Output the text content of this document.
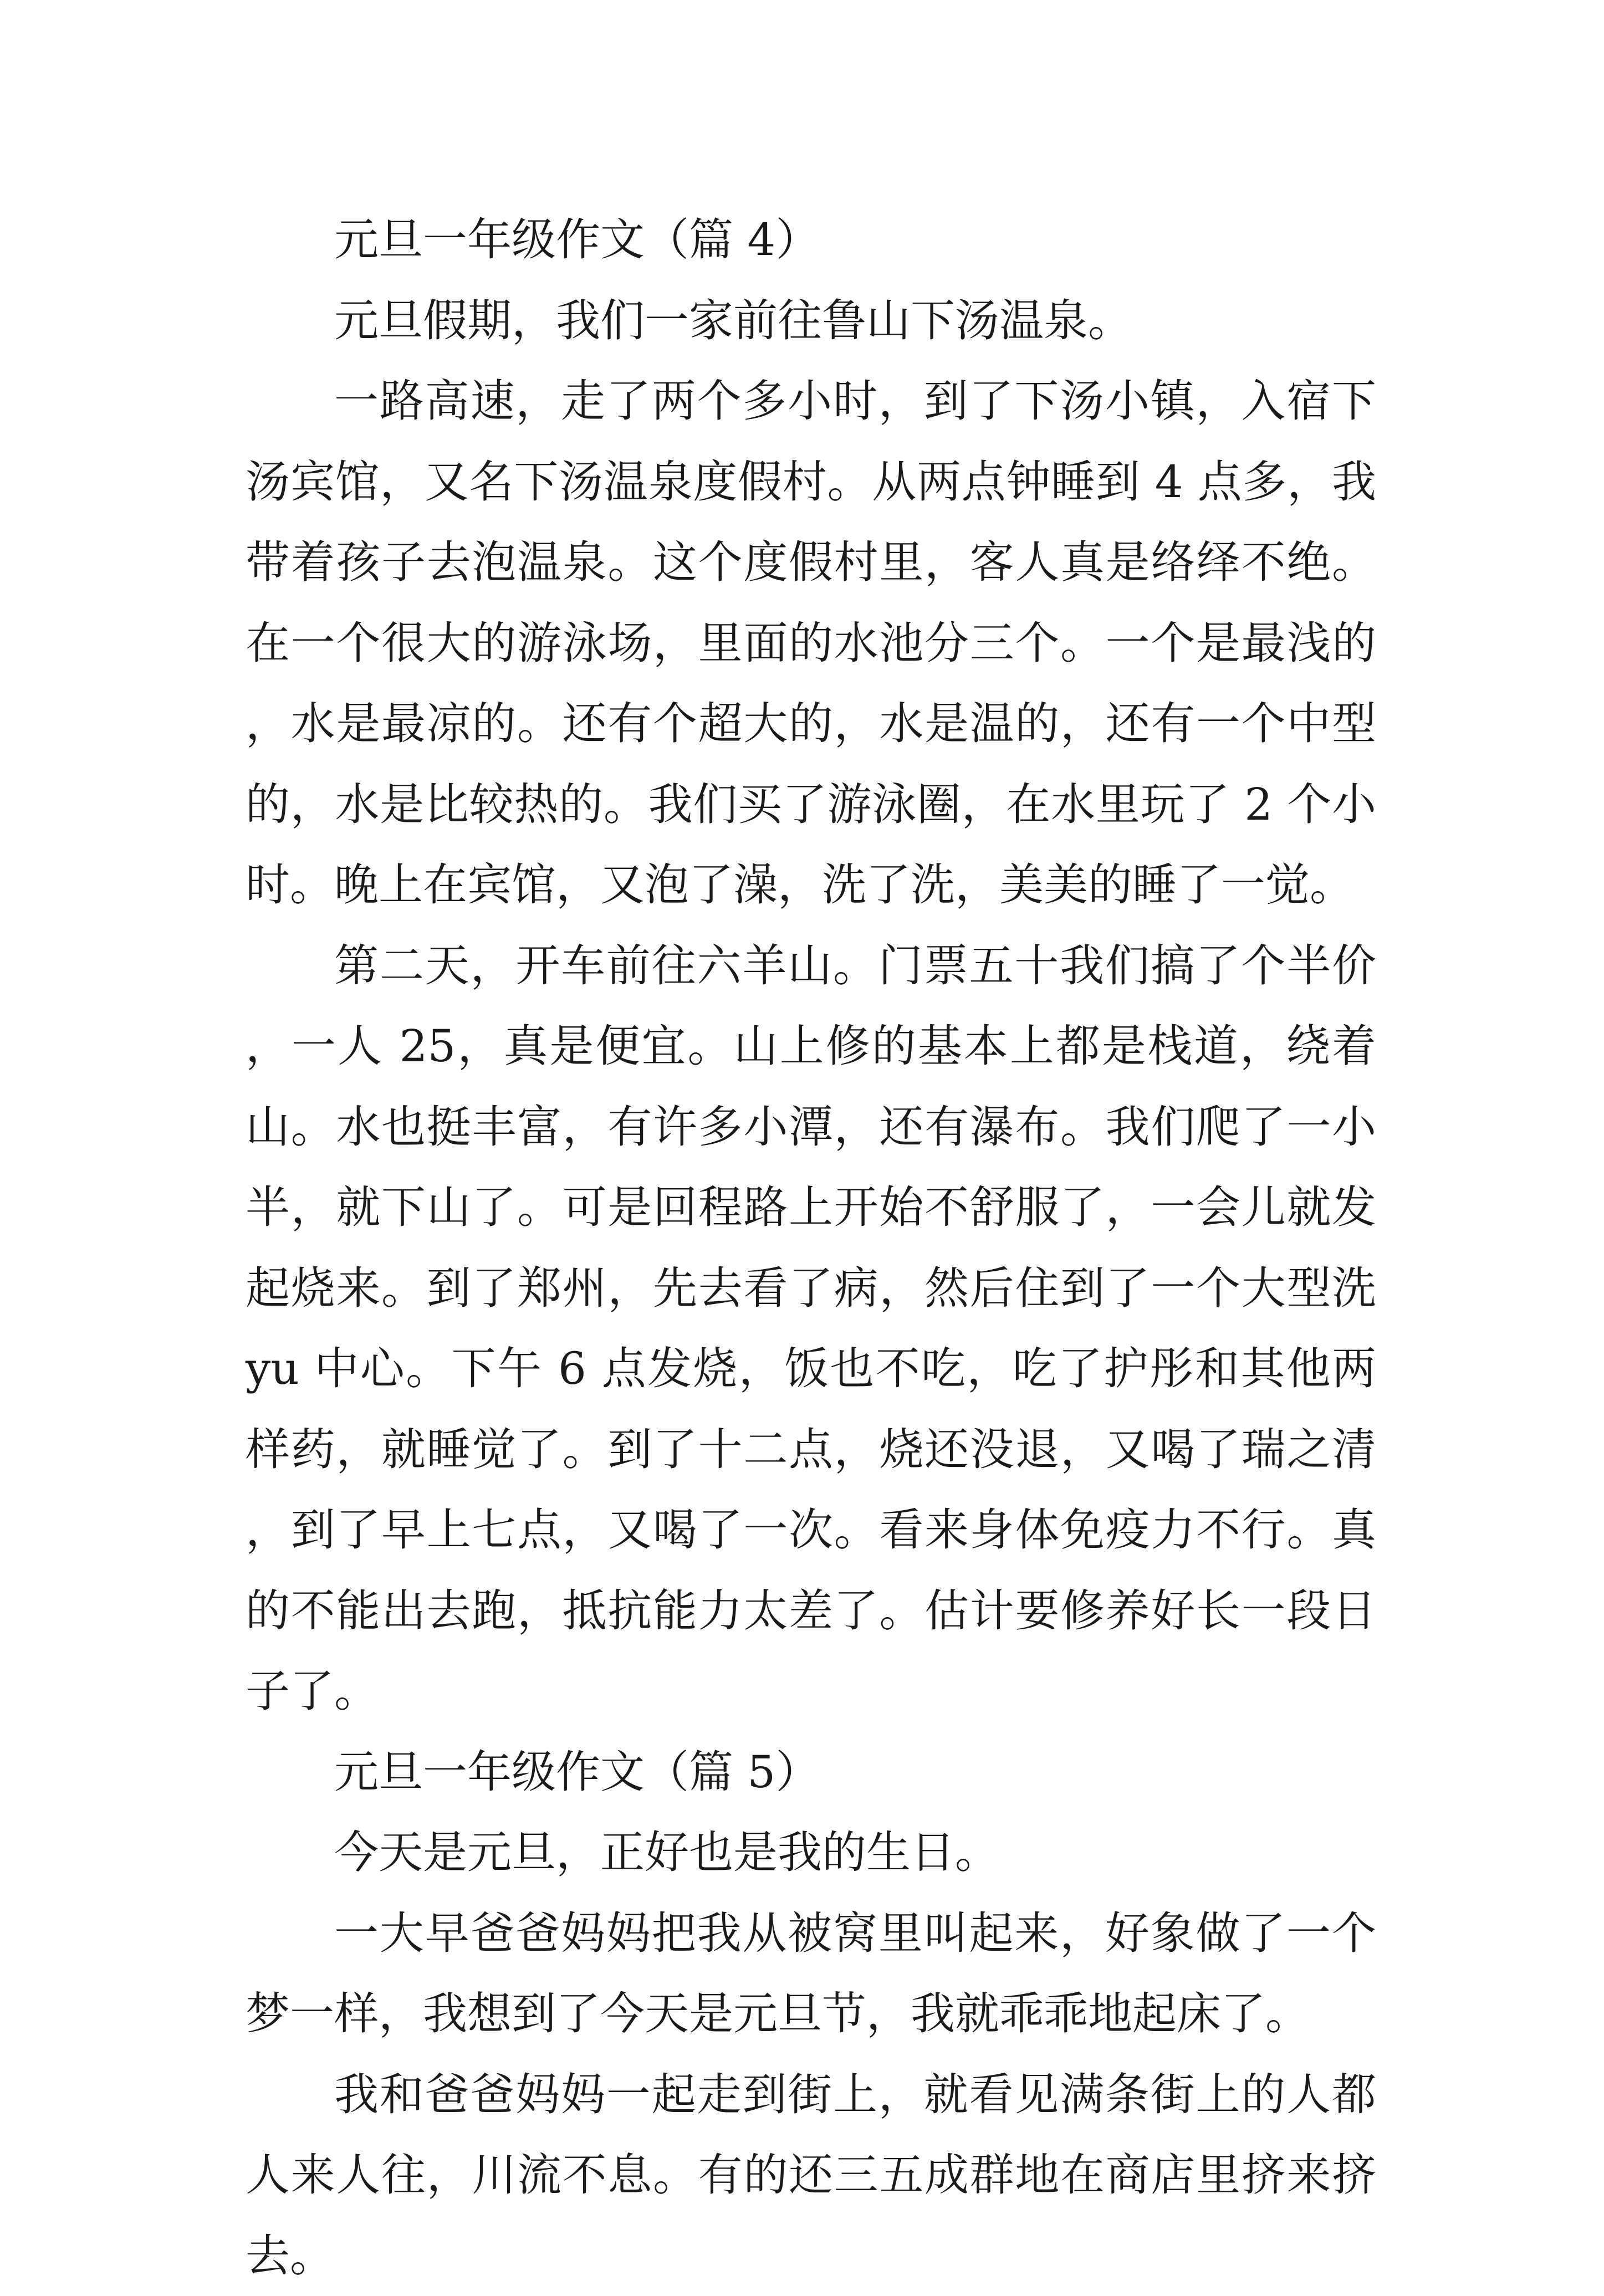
元旦一年级作文（篇 4）

元旦假期，我们一家前往鲁山下汤温泉。

一路高速，走了两个多小时，到了下汤小镇，入宿下汤宾馆，又名下汤温泉度假村。从两点钟睡到 4 点多，我带着孩子去泡温泉。这个度假村里，客人真是络绎不绝。在一个很大的游泳场，里面的水池分三个。一个是最浅的，水是最凉的。还有个超大的，水是温的，还有一个中型的，水是比较热的。我们买了游泳圈，在水里玩了 2 个小时。晚上在宾馆，又泡了澡，洗了洗，美美的睡了一觉。

第二天，开车前往六羊山。门票五十我们搞了个半价，一人 25，真是便宜。山上修的基本上都是栈道，绕着山。水也挺丰富，有许多小潭，还有瀑布。我们爬了一小半，就下山了。可是回程路上开始不舒服了，一会儿就发起烧来。到了郑州，先去看了病，然后住到了一个大型洗 yu 中心。下午 6 点发烧，饭也不吃，吃了护彤和其他两样药，就睡觉了。到了十二点，烧还没退，又喝了瑞之清，到了早上七点，又喝了一次。看来身体免疫力不行。真的不能出去跑，抵抗能力太差了。估计要修养好长一段日子了。

元旦一年级作文（篇 5）

今天是元旦，正好也是我的生日。

一大早爸爸妈妈把我从被窝里叫起来，好象做了一个梦一样，我想到了今天是元旦节，我就乖乖地起床了。

我和爸爸妈妈一起走到街上，就看见满条街上的人都人来人往，川流不息。有的还三五成群地在商店里挤来挤去。
